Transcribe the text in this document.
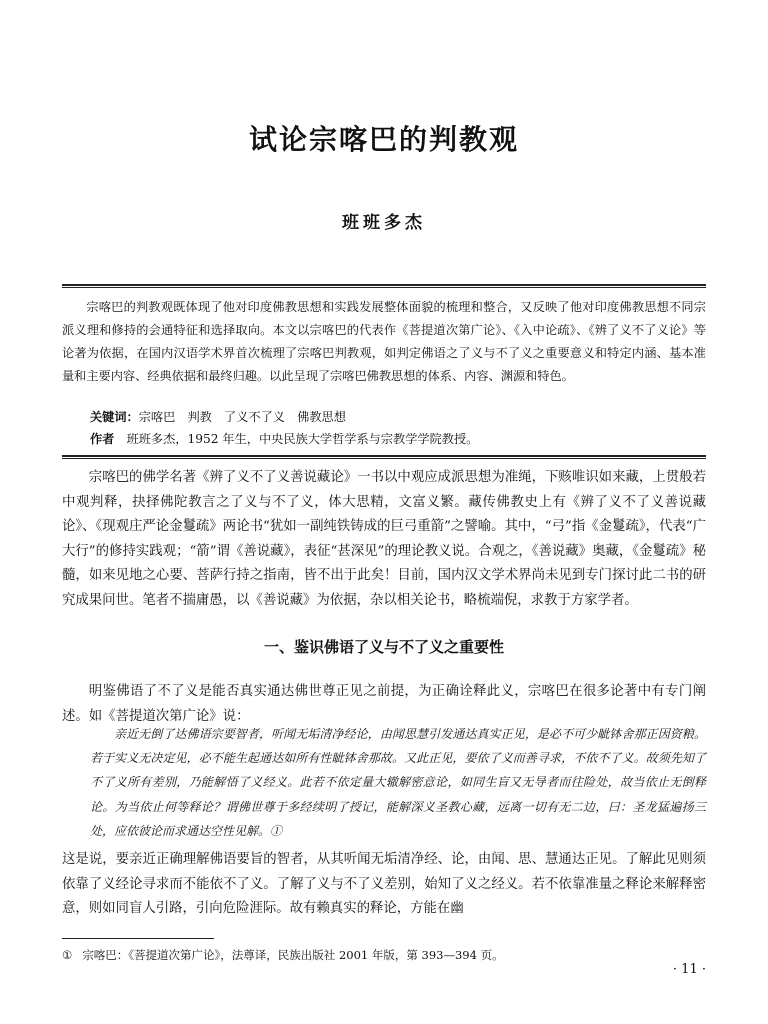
试论宗喀巴的判教观
班班多杰

宗喀巴的判教观既体现了他对印度佛教思想和实践发展整体面貌的梳理和整合，又反映了他对印度佛教思想不同宗派义理和修持的会通特征和选择取向。本文以宗喀巴的代表作《菩提道次第广论》、《入中论疏》、《辨了义不了义论》等论著为依据，在国内汉语学术界首次梳理了宗喀巴判教观，如判定佛语之了义与不了义之重要意义和特定内涵、基本准量和主要内容、经典依据和最终归趣。以此呈现了宗喀巴佛教思想的体系、内容、渊源和特色。

关键词：宗喀巴　判教　了义不了义　佛教思想
作者　 班班多杰，1952 年生，中央民族大学哲学系与宗教学学院教授。

宗喀巴的佛学名著《辨了义不了义善说藏论》一书以中观应成派思想为准绳，下赅唯识如来藏，上贯般若中观判释，抉择佛陀教言之了义与不了义，体大思精，文富义繁。藏传佛教史上有《辨了义不了义善说藏论》、《现观庄严论金鬘疏》两论书“犹如一副纯铁铸成的巨弓重箭”之譬喻。其中，“弓”指《金鬘疏》，代表“广大行”的修持实践观；“箭”谓《善说藏》，表征“甚深见”的理论教义说。合观之，《善说藏》奥藏，《金鬘疏》秘髓，如来见地之心要、菩萨行持之指南，皆不出于此矣！目前，国内汉文学术界尚未见到专门探讨此二书的研究成果问世。笔者不揣庸愚，以《善说藏》为依据，杂以相关论书，略梳端倪，求教于方家学者。

一、鉴识佛语了义与不了义之重要性

明鉴佛语了不了义是能否真实通达佛世尊正见之前提，为正确诠释此义，宗喀巴在很多论著中有专门阐述。如《菩提道次第广论》说：

亲近无倒了达佛语宗要智者，听闻无垢清净经论，由闻思慧引发通达真实正见，是必不可少眦钵舍那正因资粮。若于实义无决定见，必不能生起通达如所有性眦钵舍那故。又此正见，要依了义而善寻求，不依不了义。故须先知了不了义所有差别，乃能解悟了义经义。此若不依定量大辙解密意论，如同生盲又无导者而往险处，故当依止无倒释论。为当依止何等释论？谓佛世尊于多经续明了授记，能解深义圣教心藏，远离一切有无二边，曰：圣龙猛遍扬三处，应依彼论而求通达空性见解。①

这是说，要亲近正确理解佛语要旨的智者，从其听闻无垢清净经、论，由闻、思、慧通达正见。了解此见则须依靠了义经论寻求而不能依不了义。了解了义与不了义差别，始知了义之经义。若不依靠准量之释论来解释密意，则如同盲人引路，引向危险涯际。故有赖真实的释论，方能在幽

① 宗喀巴：《菩提道次第广论》，法尊译，民族出版社 2001 年版，第 393—394 页。
· 11 ·
